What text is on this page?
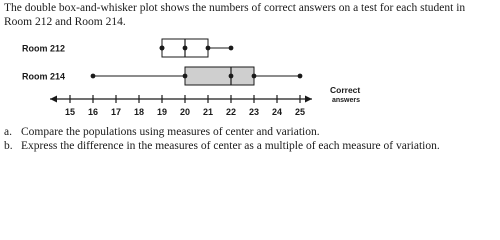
The double box-and-whisker plot shows the numbers of correct answers on a test for each student in Room 212 and Room 214.

Room 212
Room 214
15 16 17 18 19 20 21 22 23 24 25
Correct
answers
a. Compare the populations using measures of center and variation.
b. Express the difference in the measures of center as a multiple of each measure of variation.
